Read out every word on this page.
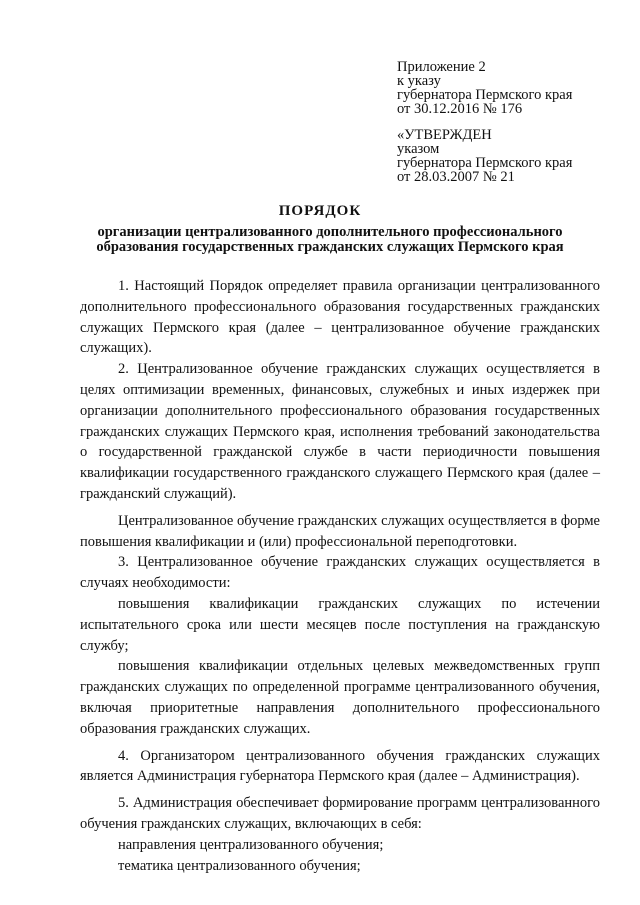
Приложение 2
к указу
губернатора Пермского края
от 30.12.2016 № 176
«УТВЕРЖДЕН
указом
губернатора Пермского края
от 28.03.2007 № 21
ПОРЯДОК
организации централизованного дополнительного профессионального образования государственных гражданских служащих Пермского края

1. Настоящий Порядок определяет правила организации централизованного дополнительного профессионального образования государственных гражданских служащих Пермского края (далее – централизованное обучение гражданских служащих).

2. Централизованное обучение гражданских служащих осуществляется в целях оптимизации временных, финансовых, служебных и иных издержек при организации дополнительного профессионального образования государственных гражданских служащих Пермского края, исполнения требований законодательства о государственной гражданской службе в части периодичности повышения квалификации государственного гражданского служащего Пермского края (далее – гражданский служащий).

Централизованное обучение гражданских служащих осуществляется в форме повышения квалификации и (или) профессиональной переподготовки.

3. Централизованное обучение гражданских служащих осуществляется в случаях необходимости:

повышения квалификации гражданских служащих по истечении испытательного срока или шести месяцев после поступления на гражданскую службу;

повышения квалификации отдельных целевых межведомственных групп гражданских служащих по определенной программе централизованного обучения, включая приоритетные направления дополнительного профессионального образования гражданских служащих.

4. Организатором централизованного обучения гражданских служащих является Администрация губернатора Пермского края (далее – Администрация).

5. Администрация обеспечивает формирование программ централизованного обучения гражданских служащих, включающих в себя:

направления централизованного обучения;

тематика централизованного обучения;
